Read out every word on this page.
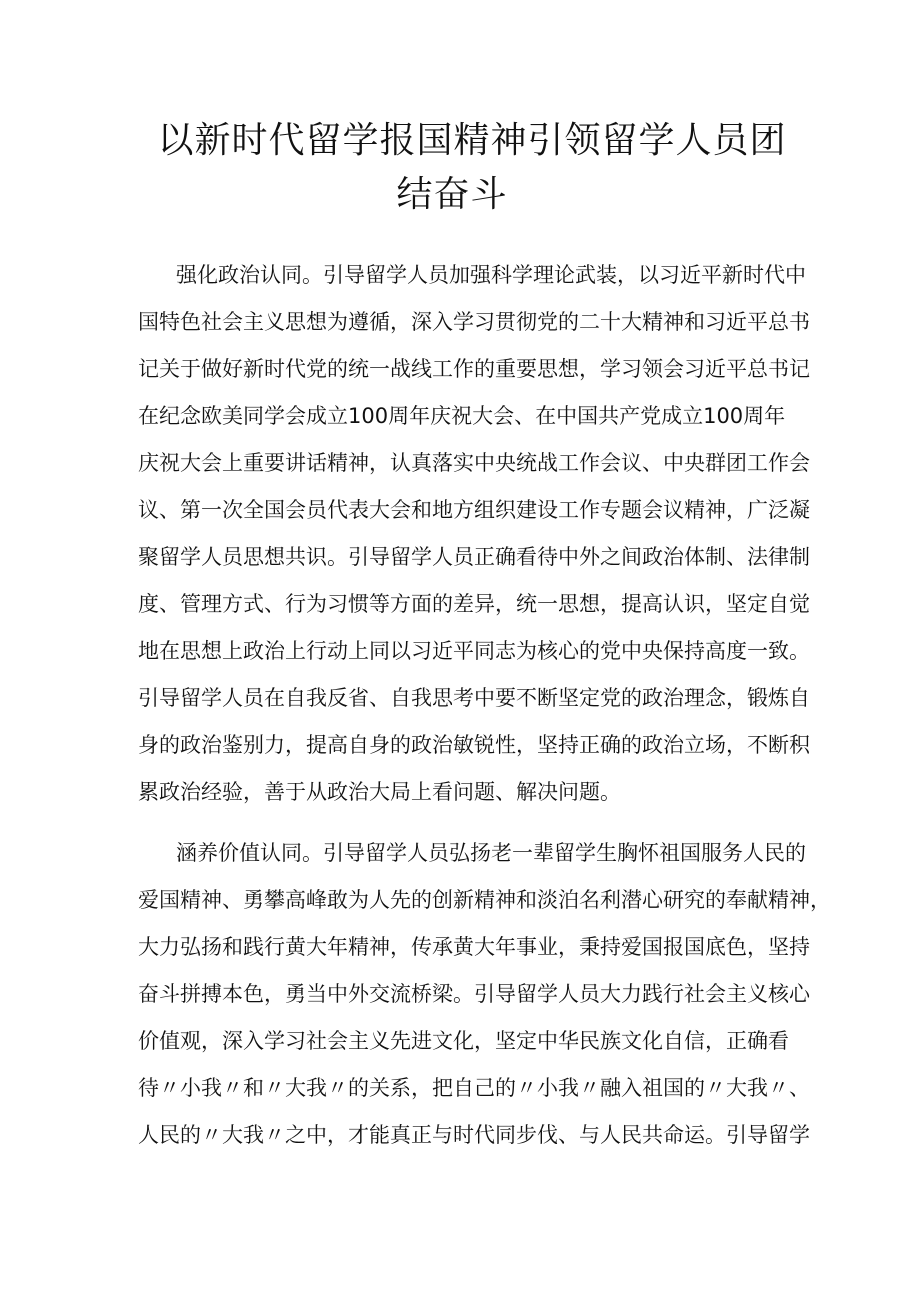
以新时代留学报国精神引领留学人员团
结奋斗
强化政治认同。引导留学人员加强科学理论武装，以习近平新时代中
国特色社会主义思想为遵循，深入学习贯彻党的二十大精神和习近平总书
记关于做好新时代党的统一战线工作的重要思想，学习领会习近平总书记
在纪念欧美同学会成立100周年庆祝大会、在中国共产党成立100周年
庆祝大会上重要讲话精神，认真落实中央统战工作会议、中央群团工作会
议、第一次全国会员代表大会和地方组织建设工作专题会议精神，广泛凝
聚留学人员思想共识。引导留学人员正确看待中外之间政治体制、法律制
度、管理方式、行为习惯等方面的差异，统一思想，提高认识，坚定自觉
地在思想上政治上行动上同以习近平同志为核心的党中央保持高度一致。
引导留学人员在自我反省、自我思考中要不断坚定党的政治理念，锻炼自
身的政治鉴别力，提高自身的政治敏锐性，坚持正确的政治立场，不断积
累政治经验，善于从政治大局上看问题、解决问题。
涵养价值认同。引导留学人员弘扬老一辈留学生胸怀祖国服务人民的
爱国精神、勇攀高峰敢为人先的创新精神和淡泊名利潜心研究的奉献精神，
大力弘扬和践行黄大年精神，传承黄大年事业，秉持爱国报国底色，坚持
奋斗拼搏本色，勇当中外交流桥梁。引导留学人员大力践行社会主义核心
价值观，深入学习社会主义先进文化，坚定中华民族文化自信，正确看
待〃小我〃和〃大我〃的关系，把自己的〃小我〃融入祖国的〃大我〃、
人民的〃大我〃之中，才能真正与时代同步伐、与人民共命运。引导留学
